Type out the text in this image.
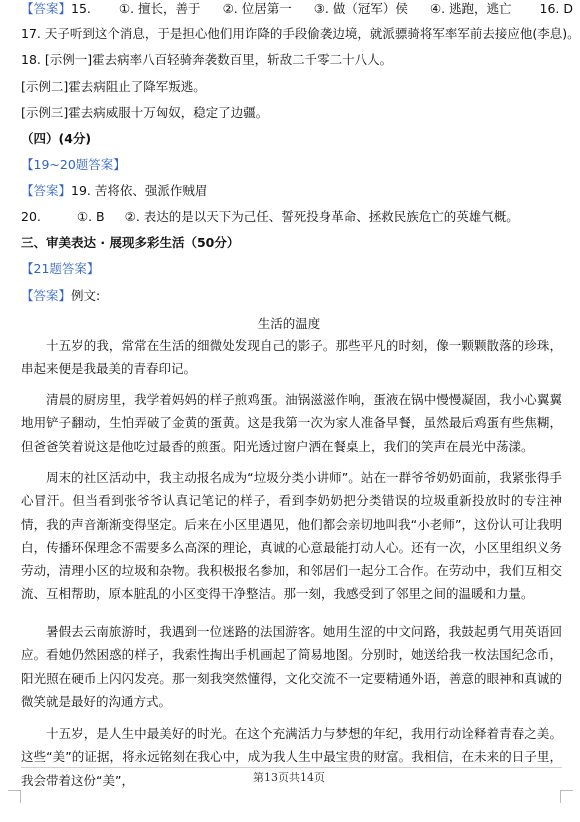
【答案】15. ①. 擅长，善于 ②. 位居第一 ③. 做（冠军）侯 ④. 逃跑，逃亡 16. D
17. 天子听到这个消息，于是担心他们用诈降的手段偷袭边境，就派骠骑将军率军前去接应他(李息)。
18. [示例一]霍去病率八百轻骑奔袭数百里，斩敌二千零二十八人。
[示例二]霍去病阻止了降军叛逃。
[示例三]霍去病威服十万匈奴，稳定了边疆。
（四）(4分)
【19~20题答案】
【答案】19. 苦将依、强派作贼眉
20.	①. B ②. 表达的是以天下为己任、誓死投身革命、拯救民族危亡的英雄气概。
三、审美表达 · 展现多彩生活（50分）
【21题答案】
【答案】例文:
生活的温度
十五岁的我，常常在生活的细微处发现自己的影子。那些平凡的时刻，像一颗颗散落的珍珠，串起来便是我最美的青春印记。
清晨的厨房里，我学着妈妈的样子煎鸡蛋。油锅滋滋作响，蛋液在锅中慢慢凝固，我小心翼翼地用铲子翻动，生怕弄破了金黄的蛋黄。这是我第一次为家人准备早餐，虽然最后鸡蛋有些焦糊，但爸爸笑着说这是他吃过最香的煎蛋。阳光透过窗户洒在餐桌上，我们的笑声在晨光中荡漾。
周末的社区活动中，我主动报名成为“垃圾分类小讲师”。站在一群爷爷奶奶面前，我紧张得手心冒汗。但当看到张爷爷认真记笔记的样子，看到李奶奶把分类错误的垃圾重新投放时的专注神情，我的声音渐渐变得坚定。后来在小区里遇见，他们都会亲切地叫我“小老师”，这份认可让我明白，传播环保理念不需要多么高深的理论，真诚的心意最能打动人心。还有一次，小区里组织义务劳动，清理小区的垃圾和杂物。我积极报名参加，和邻居们一起分工合作。在劳动中，我们互相交流、互相帮助，原本脏乱的小区变得干净整洁。那一刻，我感受到了邻里之间的温暖和力量。
暑假去云南旅游时，我遇到一位迷路的法国游客。她用生涩的中文问路，我鼓起勇气用英语回应。看她仍然困惑的样子，我索性掏出手机画起了简易地图。分别时，她送给我一枚法国纪念币，阳光照在硬币上闪闪发亮。那一刻我突然懂得，文化交流不一定要精通外语，善意的眼神和真诚的微笑就是最好的沟通方式。
十五岁，是人生中最美好的时光。在这个充满活力与梦想的年纪，我用行动诠释着青春之美。这些“美”的证据，将永远铭刻在我心中，成为我人生中最宝贵的财富。我相信，在未来的日子里，我会带着这份“美”，	第13页共14页
